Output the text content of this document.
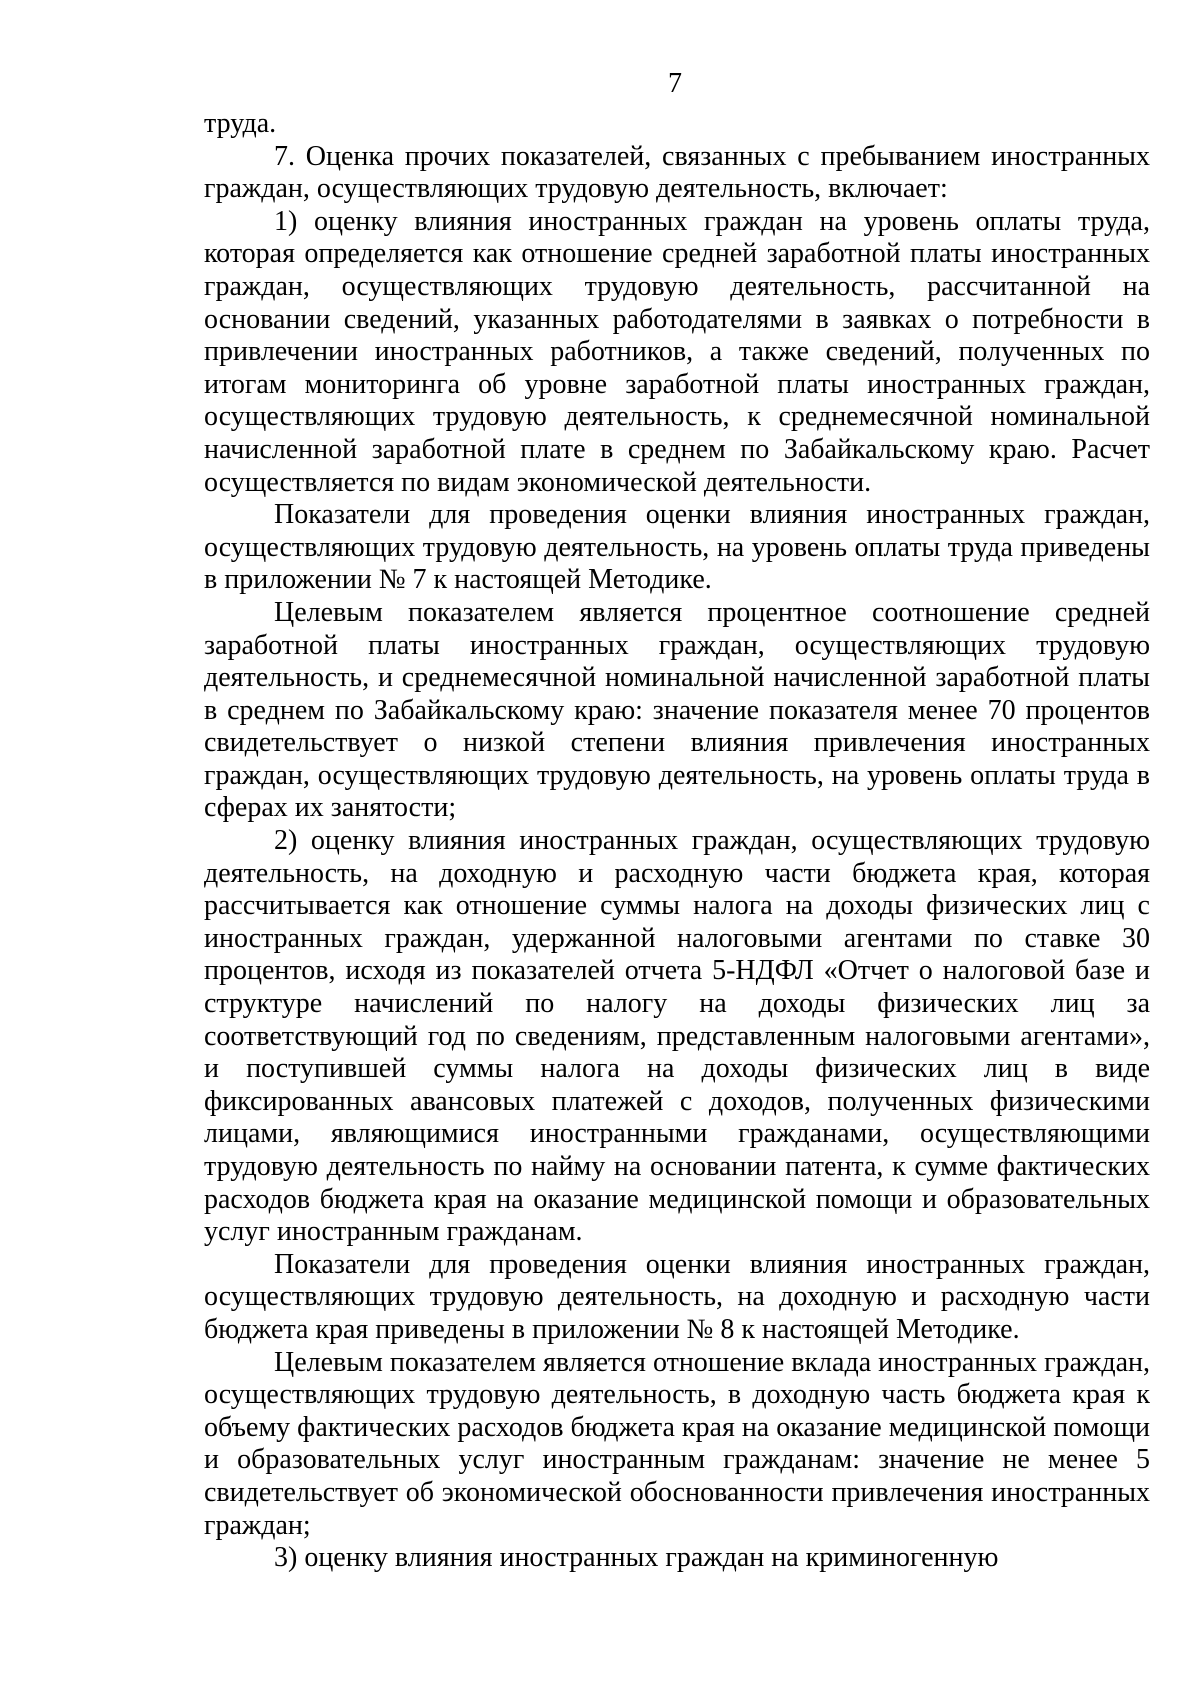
7

труда.

7. Оценка прочих показателей, связанных с пребыванием иностранных граждан, осуществляющих трудовую деятельность, включает:

1) оценку влияния иностранных граждан на уровень оплаты труда, которая определяется как отношение средней заработной платы иностранных граждан, осуществляющих трудовую деятельность, рассчитанной на основании сведений, указанных работодателями в заявках о потребности в привлечении иностранных работников, а также сведений, полученных по итогам мониторинга об уровне заработной платы иностранных граждан, осуществляющих трудовую деятельность, к среднемесячной номинальной начисленной заработной плате в среднем по Забайкальскому краю. Расчет осуществляется по видам экономической деятельности.

Показатели для проведения оценки влияния иностранных граждан, осуществляющих трудовую деятельность, на уровень оплаты труда приведены в приложении № 7 к настоящей Методике.

Целевым показателем является процентное соотношение средней заработной платы иностранных граждан, осуществляющих трудовую деятельность, и среднемесячной номинальной начисленной заработной платы в среднем по Забайкальскому краю: значение показателя менее 70 процентов свидетельствует о низкой степени влияния привлечения иностранных граждан, осуществляющих трудовую деятельность, на уровень оплаты труда в сферах их занятости;

2) оценку влияния иностранных граждан, осуществляющих трудовую деятельность, на доходную и расходную части бюджета края, которая рассчитывается как отношение суммы налога на доходы физических лиц с иностранных граждан, удержанной налоговыми агентами по ставке 30 процентов, исходя из показателей отчета 5-НДФЛ «Отчет о налоговой базе и структуре начислений по налогу на доходы физических лиц за соответствующий год по сведениям, представленным налоговыми агентами», и поступившей суммы налога на доходы физических лиц в виде фиксированных авансовых платежей с доходов, полученных физическими лицами, являющимися иностранными гражданами, осуществляющими трудовую деятельность по найму на основании патента, к сумме фактических расходов бюджета края на оказание медицинской помощи и образовательных услуг иностранным гражданам.

Показатели для проведения оценки влияния иностранных граждан, осуществляющих трудовую деятельность, на доходную и расходную части бюджета края приведены в приложении № 8 к настоящей Методике.

Целевым показателем является отношение вклада иностранных граждан, осуществляющих трудовую деятельность, в доходную часть бюджета края к объему фактических расходов бюджета края на оказание медицинской помощи и образовательных услуг иностранным гражданам: значение не менее 5 свидетельствует об экономической обоснованности привлечения иностранных граждан;

3) оценку влияния иностранных граждан на криминогенную
